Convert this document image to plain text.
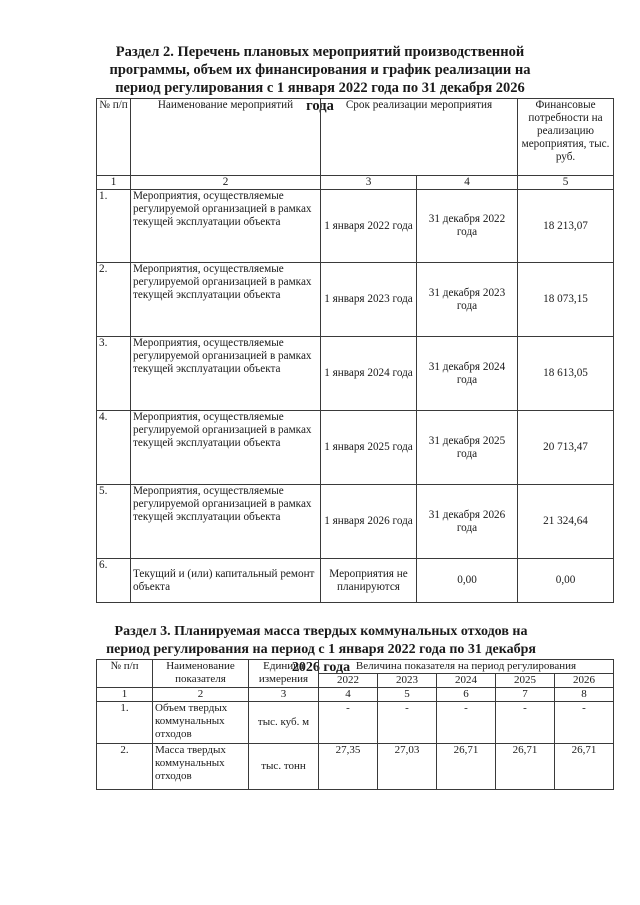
Раздел 2. Перечень плановых мероприятий производственной программы, объем их финансирования и график реализации на период регулирования с 1 января 2022 года по 31 декабря 2026 года
№ п/п	Наименование мероприятий	Срок реализации мероприятия		Финансовые потребности на реализацию мероприятия, тыс. руб.
1	2	3	4	5
1.	Мероприятия, осуществляемые регулируемой организацией в рамках текущей эксплуатации объекта	1 января 2022 года	31 декабря 2022 года	18 213,07
2.	Мероприятия, осуществляемые регулируемой организацией в рамках текущей эксплуатации объекта	1 января 2023 года	31 декабря 2023 года	18 073,15
3.	Мероприятия, осуществляемые регулируемой организацией в рамках текущей эксплуатации объекта	1 января 2024 года	31 декабря 2024 года	18 613,05
4.	Мероприятия, осуществляемые регулируемой организацией в рамках текущей эксплуатации объекта	1 января 2025 года	31 декабря 2025 года	20 713,47
5.	Мероприятия, осуществляемые регулируемой организацией в рамках текущей эксплуатации объекта	1 января 2026 года	31 декабря 2026 года	21 324,64
6.	Текущий и (или) капитальный ремонт объекта	Мероприятия не планируются	0,00	0,00
Раздел 3. Планируемая масса твердых коммунальных отходов на период регулирования на период с 1 января 2022 года по 31 декабря 2026 года
№ п/п	Наименование показателя	Единица измерения	Величина показателя на период регулирования				
			2022	2023	2024	2025	2026
1	2	3	4	5	6	7	8
1.	Объем твердых коммунальных отходов	тыс. куб. м	-	-	-	-	-
2.	Масса твердых коммунальных отходов	тыс. тонн	27,35	27,03	26,71	26,71	26,71
